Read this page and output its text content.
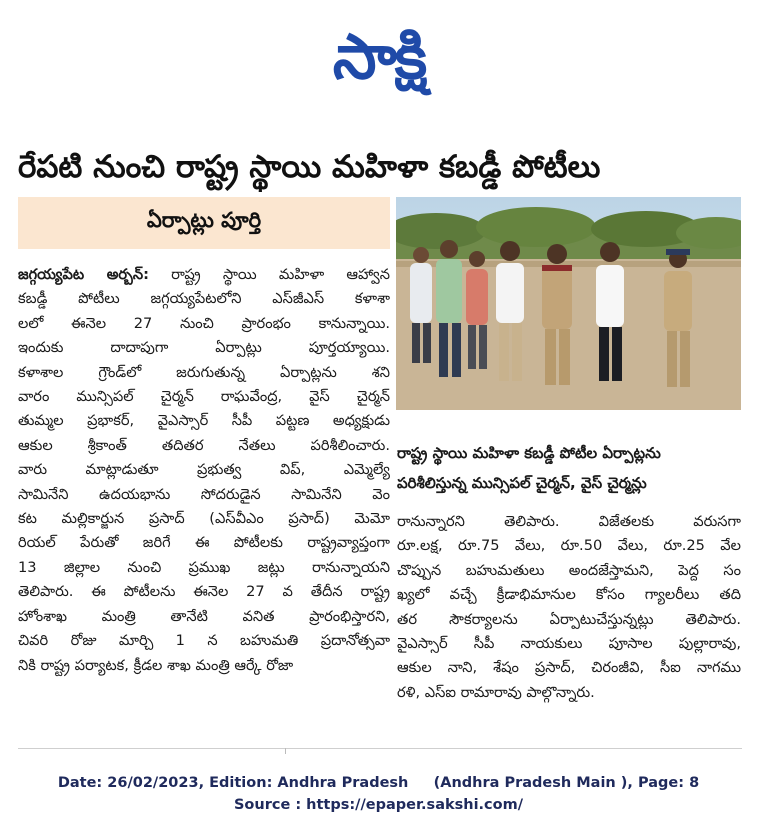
సాక్షి
రేపటి నుంచి రాష్ట్ర స్థాయి మహిళా కబడ్డీ పోటీలు
ఏర్పాట్లు పూర్తి

జగ్గయ్యపేట అర్బన్: రాష్ట్ర స్థాయి మహిళా ఆహ్వాన

కబడ్డీ పోటీలు జగ్గయ్యపేటలోని ఎస్‌జీఎస్ కళాశా

లలో ఈనెల 27 నుంచి ప్రారంభం కానున్నాయి.

ఇందుకు దాదాపుగా ఏర్పాట్లు పూర్తయ్యాయి.

కళాశాల గ్రౌండ్‌లో జరుగుతున్న ఏర్పాట్లను శని

వారం మున్సిపల్ చైర్మన్ రాఘవేంద్ర, వైస్ చైర్మన్

తుమ్మల ప్రభాకర్, వైఎస్సార్ సీపీ పట్టణ అధ్యక్షుడు

ఆకుల శ్రీకాంత్ తదితర నేతలు పరిశీలించారు.

వారు మాట్లాడుతూ ప్రభుత్వ విప్, ఎమ్మెల్యే

సామినేని ఉదయభాను సోదరుడైన సామినేని వెం

కట మల్లికార్జున ప్రసాద్ (ఎస్‌వీఎం ప్రసాద్) మెమో

రియల్ పేరుతో జరిగే ఈ పోటీలకు రాష్ట్రవ్యాప్తంగా

13 జిల్లాల నుంచి ప్రముఖ జట్లు రానున్నాయని

తెలిపారు. ఈ పోటీలను ఈనెల 27 వ తేదీన రాష్ట్ర

హోంశాఖ మంత్రి తానేటి వనిత ప్రారంభిస్తారని,

చివరి రోజు మార్చి 1 న బహుమతి ప్రదానోత్సవా

నికి రాష్ట్ర పర్యాటక, క్రీడల శాఖ మంత్రి ఆర్కే రోజా

రాష్ట్ర స్థాయి మహిళా కబడ్డీ పోటీల ఏర్పాట్లను
పరిశీలిస్తున్న మున్సిపల్ చైర్మన్, వైస్ చైర్మన్లు

రానున్నారని తెలిపారు. విజేతలకు వరుసగా

రూ.లక్ష, రూ.75 వేలు, రూ.50 వేలు, రూ.25 వేల

చొప్పున బహుమతులు అందజేస్తామని, పెద్ద సం

ఖ్యలో వచ్చే క్రీడాభిమానుల కోసం గ్యాలరీలు తది

తర సౌకర్యాలను ఏర్పాటుచేస్తున్నట్లు తెలిపారు.

వైఎస్సార్ సీపీ నాయకులు పూసాల పుల్లారావు,

ఆకుల నాని, శేషం ప్రసాద్, చిరంజీవి, సీఐ నాగము

రళి, ఎస్ఐ రామారావు పాల్గొన్నారు.

Date: 26/02/2023, Edition: Andhra Pradesh     (Andhra Pradesh Main ), Page: 8
Source : https://epaper.sakshi.com/
